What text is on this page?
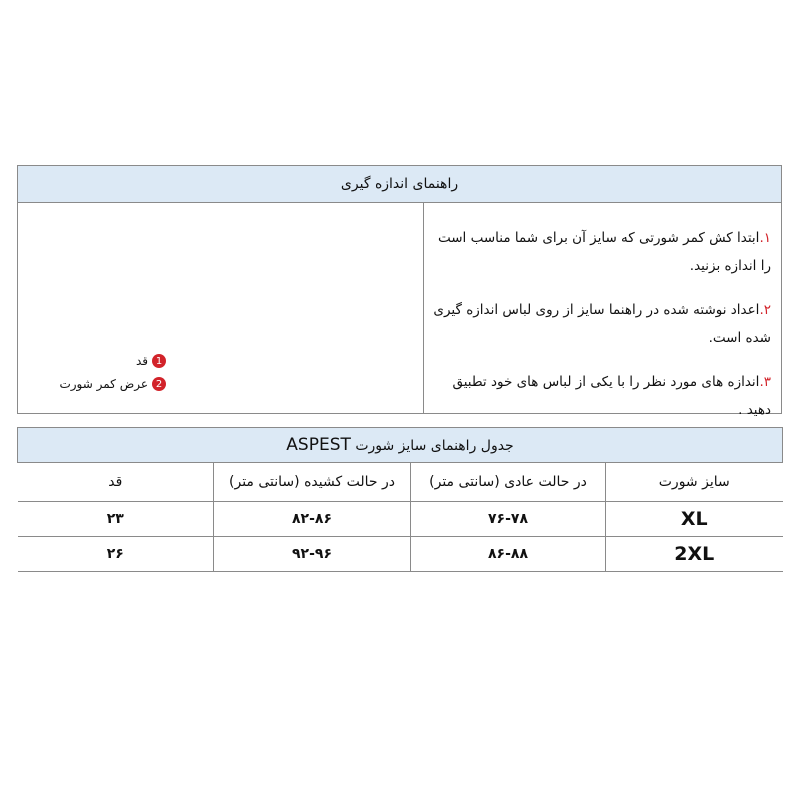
راهنمای اندازه گیری
1
قد
2
عرض کمر شورت

۱.ابتدا کش کمر شورتی که سایز آن برای شما مناسب است را اندازه بزنید.

۲.اعداد نوشته شده در راهنما سایز از روی لباس اندازه گیری شده است.

۳.اندازه های مورد نظر را با یکی از لباس های خود تطبیق دهید .

جدول راهنمای سایز شورت ASPEST			
سایز شورت	در حالت عادی (سانتی متر)	در حالت کشیده (سانتی متر)	قد
XL	۷۶-۷۸	۸۲-۸۶	۲۳
2XL	۸۶-۸۸	۹۲-۹۶	۲۶
